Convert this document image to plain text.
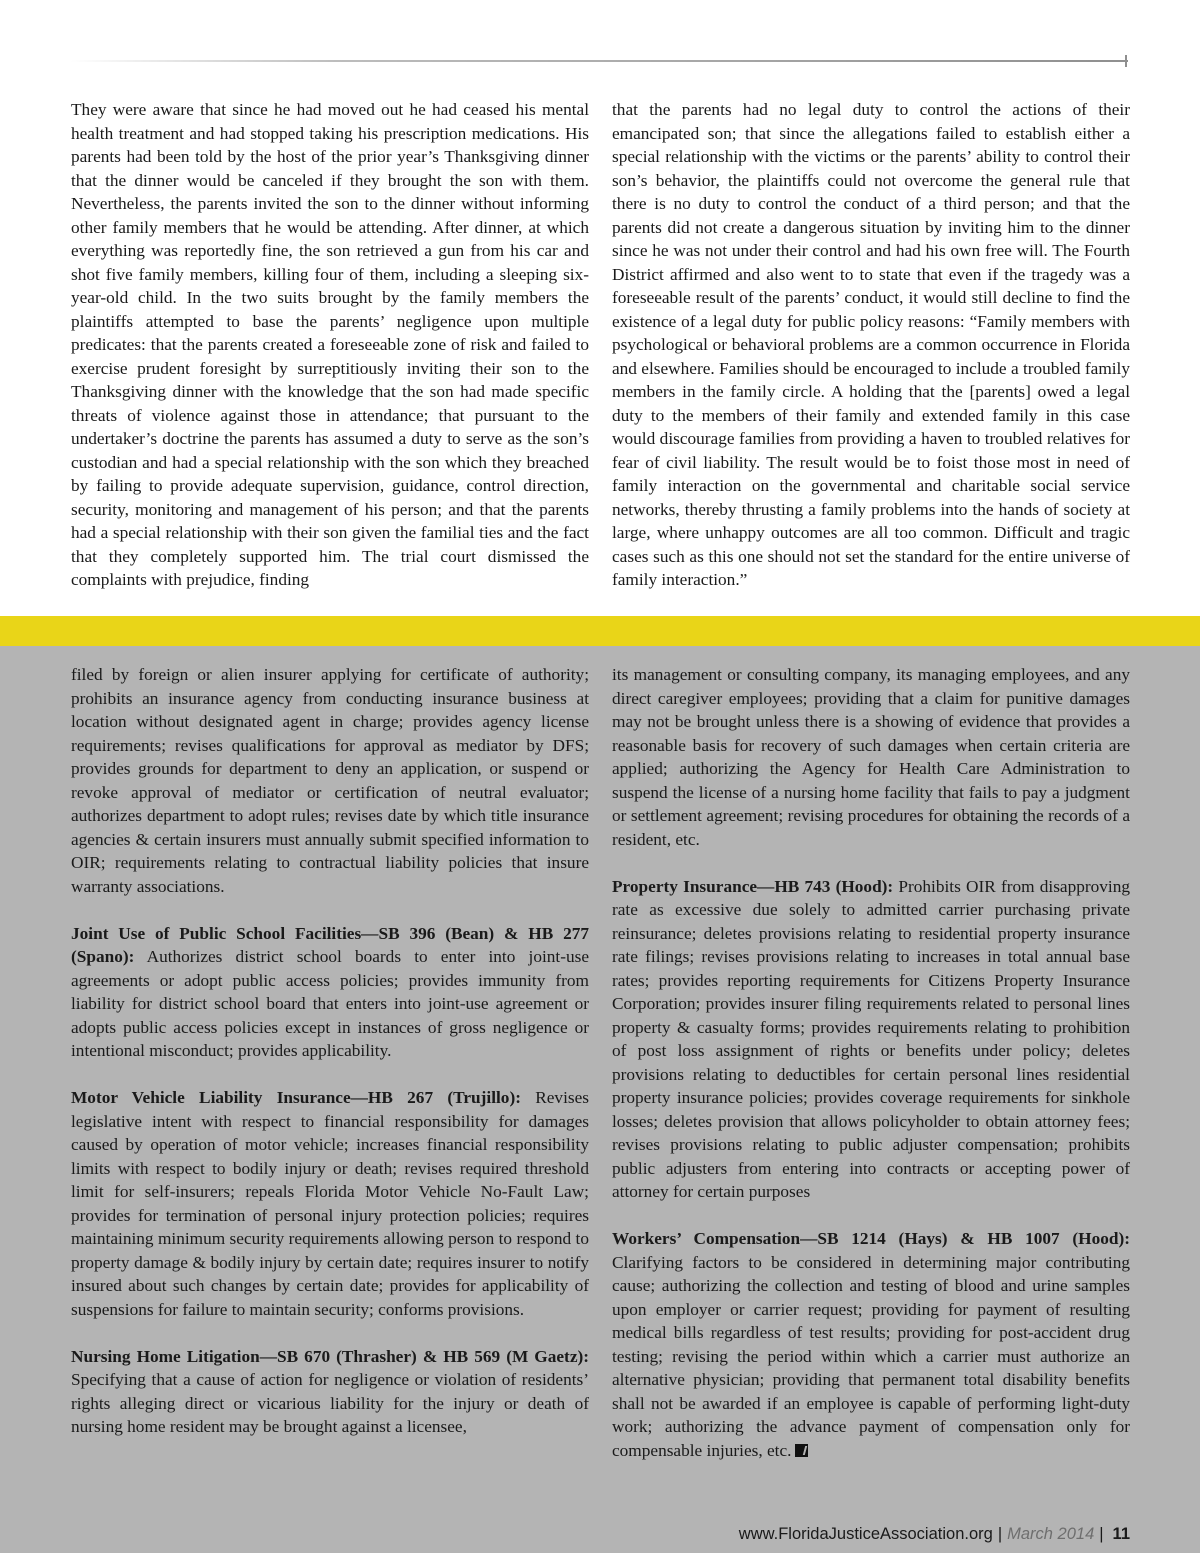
They were aware that since he had moved out he had ceased his mental health treatment and had stopped taking his prescription medications. His parents had been told by the host of the prior year’s Thanksgiving dinner that the dinner would be canceled if they brought the son with them. Nevertheless, the parents invited the son to the dinner without informing other family members that he would be attending. After dinner, at which everything was reportedly fine, the son retrieved a gun from his car and shot five family members, killing four of them, including a sleeping six-year-old child. In the two suits brought by the family members the plaintiffs attempted to base the parents’ negligence upon multiple predicates: that the parents created a foreseeable zone of risk and failed to exercise prudent foresight by surreptitiously inviting their son to the Thanksgiving dinner with the knowledge that the son had made specific threats of violence against those in attendance; that pursuant to the undertaker’s doctrine the parents has assumed a duty to serve as the son’s custodian and had a special relationship with the son which they breached by failing to provide adequate supervision, guidance, control direction, security, monitoring and management of his person; and that the parents had a special relationship with their son given the familial ties and the fact that they completely supported him. The trial court dismissed the complaints with prejudice, finding

that the parents had no legal duty to control the actions of their emancipated son; that since the allegations failed to establish either a special relationship with the victims or the parents’ ability to control their son’s behavior, the plaintiffs could not overcome the general rule that there is no duty to control the conduct of a third person; and that the parents did not create a dangerous situation by inviting him to the dinner since he was not under their control and had his own free will. The Fourth District affirmed and also went to to state that even if the tragedy was a foreseeable result of the parents’ conduct, it would still decline to find the existence of a legal duty for public policy reasons: “Family members with psychological or behavioral problems are a common occurrence in Florida and elsewhere. Families should be encouraged to include a troubled family members in the family circle. A holding that the [parents] owed a legal duty to the members of their family and extended family in this case would discourage families from providing a haven to troubled relatives for fear of civil liability. The result would be to foist those most in need of family interaction on the governmental and charitable social service networks, thereby thrusting a family problems into the hands of society at large, where unhappy outcomes are all too common. Difficult and tragic cases such as this one should not set the standard for the entire universe of family interaction.”

filed by foreign or alien insurer applying for certificate of authority; prohibits an insurance agency from conducting insurance business at location without designated agent in charge; provides agency license requirements; revises qualifications for approval as mediator by DFS; provides grounds for department to deny an application, or suspend or revoke approval of mediator or certification of neutral evaluator; authorizes department to adopt rules; revises date by which title insurance agencies & certain insurers must annually submit specified information to OIR; requirements relating to contractual liability policies that insure warranty associations.

Joint Use of Public School Facilities—SB 396 (Bean) & HB 277 (Spano): Authorizes district school boards to enter into joint-use agreements or adopt public access policies; provides immunity from liability for district school board that enters into joint-use agreement or adopts public access policies except in instances of gross negligence or intentional misconduct; provides applicability.

Motor Vehicle Liability Insurance—HB 267 (Trujillo): Revises legislative intent with respect to financial responsibility for damages caused by operation of motor vehicle; increases financial responsibility limits with respect to bodily injury or death; revises required threshold limit for self-insurers; repeals Florida Motor Vehicle No-Fault Law; provides for termination of personal injury protection policies; requires maintaining minimum security requirements allowing person to respond to property damage & bodily injury by certain date; requires insurer to notify insured about such changes by certain date; provides for applicability of suspensions for failure to maintain security; conforms provisions.

Nursing Home Litigation—SB 670 (Thrasher) & HB 569 (M Gaetz): Specifying that a cause of action for negligence or violation of residents’ rights alleging direct or vicarious liability for the injury or death of nursing home resident may be brought against a licensee,

its management or consulting company, its managing employees, and any direct caregiver employees; providing that a claim for punitive damages may not be brought unless there is a showing of evidence that provides a reasonable basis for recovery of such damages when certain criteria are applied; authorizing the Agency for Health Care Administration to suspend the license of a nursing home facility that fails to pay a judgment or settlement agreement; revising procedures for obtaining the records of a resident, etc.

Property Insurance—HB 743 (Hood): Prohibits OIR from disapproving rate as excessive due solely to admitted carrier purchasing private reinsurance; deletes provisions relating to residential property insurance rate filings; revises provisions relating to increases in total annual base rates; provides reporting requirements for Citizens Property Insurance Corporation; provides insurer filing requirements related to personal lines property & casualty forms; provides requirements relating to prohibition of post loss assignment of rights or benefits under policy; deletes provisions relating to deductibles for certain personal lines residential property insurance policies; provides coverage requirements for sinkhole losses; deletes provision that allows policyholder to obtain attorney fees; revises provisions relating to public adjuster compensation; prohibits public adjusters from entering into contracts or accepting power of attorney for certain purposes

Workers’ Compensation—SB 1214 (Hays) & HB 1007 (Hood): Clarifying factors to be considered in determining major contributing cause; authorizing the collection and testing of blood and urine samples upon employer or carrier request; providing for payment of resulting medical bills regardless of test results; providing for post-accident drug testing; revising the period within which a carrier must authorize an alternative physician; providing that permanent total disability benefits shall not be awarded if an employee is capable of performing light-duty work; authorizing the advance payment of compensation only for compensable injuries, etc.

www.FloridaJusticeAssociation.org | March 2014 | 11
